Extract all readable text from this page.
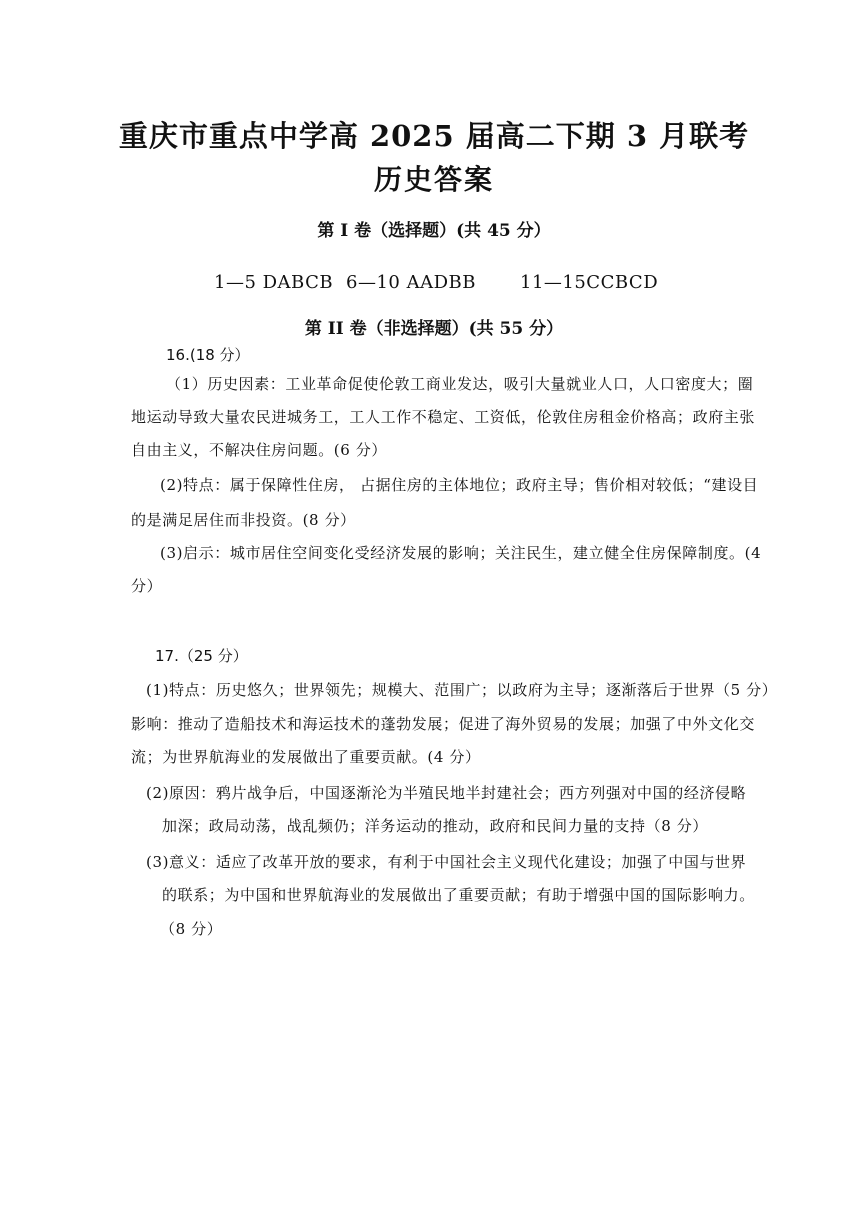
重庆市重点中学高 2025 届高二下期 3 月联考
历史答案
第 I 卷（选择题）(共 45 分）
1—5 DABCB 6—10 AADBB 11—15CCBCD
第 II 卷（非选择题）(共 55 分）
16.(18 分）
（1）历史因素：工业革命促使伦敦工商业发达，吸引大量就业人口，人口密度大；圈
地运动导致大量农民进城务工，工人工作不稳定、工资低，伦敦住房租金价格高；政府主张
自由主义，不解决住房问题。(6 分）
(2)特点：属于保障性住房， 占据住房的主体地位；政府主导；售价相对较低；“建设目
的是满足居住而非投资。(8 分）
(3)启示：城市居住空间变化受经济发展的影响；关注民生，建立健全住房保障制度。(4
分）
17.（25 分）
(1)特点：历史悠久；世界领先；规模大、范围广；以政府为主导；逐渐落后于世界（5 分）
影响：推动了造船技术和海运技术的蓬勃发展；促进了海外贸易的发展；加强了中外文化交
流；为世界航海业的发展做出了重要贡献。(4 分）
(2)原因：鸦片战争后，中国逐渐沦为半殖民地半封建社会；西方列强对中国的经济侵略
加深；政局动荡，战乱频仍；洋务运动的推动，政府和民间力量的支持（8 分）
(3)意义：适应了改革开放的要求，有利于中国社会主义现代化建设；加强了中国与世界
的联系；为中国和世界航海业的发展做出了重要贡献；有助于增强中国的国际影响力。
（8 分）
